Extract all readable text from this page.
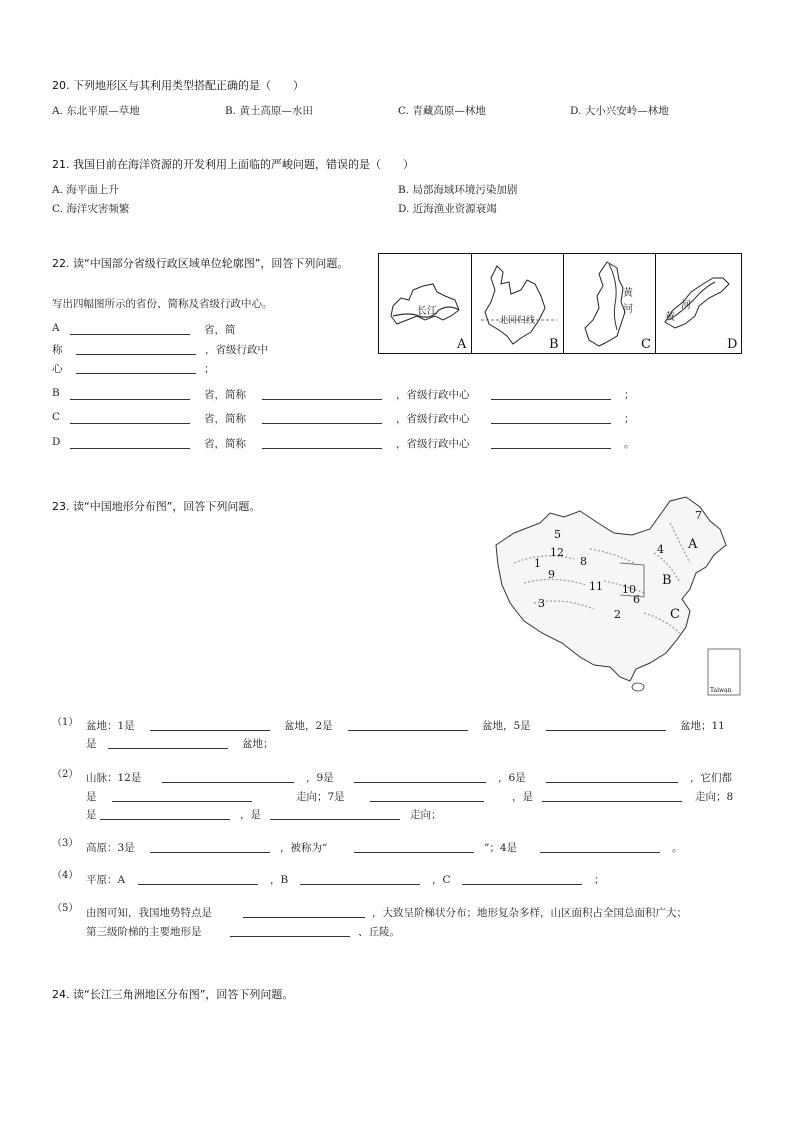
20. 下列地形区与其利用类型搭配正确的是（　　）
A. 东北平原—草地	B. 黄土高原—水田	C. 青藏高原—林地	D. 大小兴安岭—林地
21. 我国目前在海洋资源的开发利用上面临的严峻问题，错误的是（　　）
A. 海平面上升	B. 局部海域环境污染加剧
C. 海洋灾害频繁	D. 近海渔业资源衰竭
22. 读“中国部分省级行政区域单位轮廓图”，回答下列问题。
写出四幅图所示的省份、简称及省级行政中心。
A	省，简
称	，省级行政中
心	；
B	省，简称	，省级行政中心	；
C	省，简称	，省级行政中心	；
D	省，简称	，省级行政中心	。
长江
A
北回归线
B
黄
河
C
河
黄
D
23. 读“中国地形分布图”，回答下列问题。
5
12
8
1
9
11 10
6
3
2
4
7
A
B
C
Taiwan
（1） 盆地：1是	盆地，2是	盆地，5是	盆地；11
是	盆地；
（2） 山脉：12是	，9是	，6是	，它们都
是	走向；7是	，是	走向；8
是	，是	走向；
（3） 高原：3是	，被称为“	”；4是	。
（4） 平原：A	，B	，C	；
（5） 由图可知，我国地势特点是	，大致呈阶梯状分布；地形复杂多样，山区面积占全国总面积广大；
第三级阶梯的主要地形是	、丘陵。
24. 读“长江三角洲地区分布图”，回答下列问题。
